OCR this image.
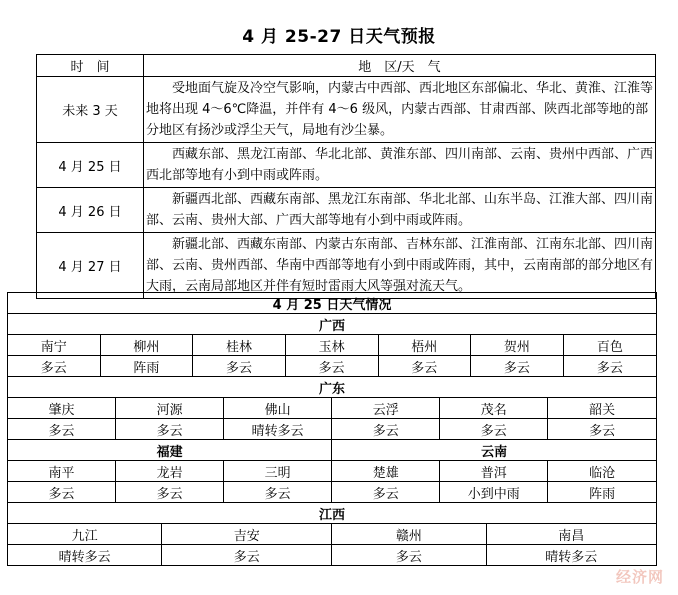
4 月 25-27 日天气预报
时　间	地　区/天　气
未来 3 天	受地面气旋及冷空气影响，内蒙古中西部、西北地区东部偏北、华北、黄淮、江淮等地将出现 4～6℃降温，并伴有 4～6 级风，内蒙古西部、甘肃西部、陕西北部等地的部分地区有扬沙或浮尘天气，局地有沙尘暴。
4 月 25 日	西藏东部、黑龙江南部、华北北部、黄淮东部、四川南部、云南、贵州中西部、广西西北部等地有小到中雨或阵雨。
4 月 26 日	新疆西北部、西藏东南部、黑龙江东南部、华北北部、山东半岛、江淮大部、四川南部、云南、贵州大部、广西大部等地有小到中雨或阵雨。
4 月 27 日	新疆北部、西藏东南部、内蒙古东南部、吉林东部、江淮南部、江南东北部、四川南部、云南、贵州西部、华南中西部等地有小到中雨或阵雨，其中，云南南部的部分地区有大雨，云南局部地区并伴有短时雷雨大风等强对流天气。
4 月 25 日天气情况													
广西													
南宁	柳州			桂林		玉林		梧州		贺州			百色
多云	阵雨			多云		多云		多云		多云			多云
广东													
肇庆		河源			佛山		云浮		茂名			韶关	
多云		多云			晴转多云		多云		多云			多云	
福建							云南						
南平		龙岩			三明		楚雄		普洱			临沧	
多云		多云			多云		多云		小到中雨			阵雨	
江西													
九江			吉安				赣州				南昌		
晴转多云			多云				多云				晴转多云		
经济网
